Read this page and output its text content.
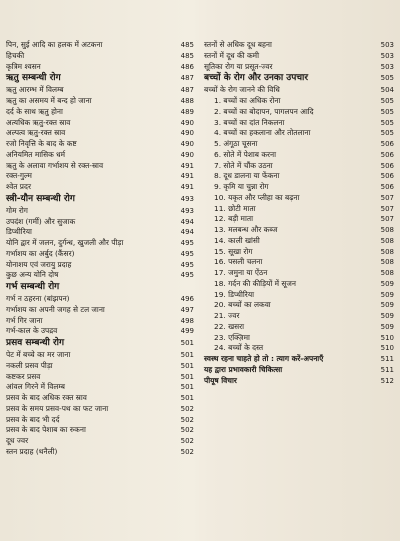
पिन, सुई आदि का हलक में अटकना	485
हिचकी	485
कृत्रिम श्वसन	486
ऋतु सम्बन्धी रोग	487
ऋतु आरम्भ में विलम्ब	487
ऋतु का असमय में बन्द हो जाना	488
दर्द के साथ ऋतु होना	489
अत्यधिक ऋतु-रक्त स्राव	490
अल्पत्व ऋतु-रक्त स्राव	490
रजो निवृत्ति के बाद के कष्ट	490
अनियमित मासिक धर्म	490
ऋतु के अलावा गर्भाशय से रक्त-स्राव	491
रक्त-गुल्म	491
श्वेत प्रदर	491
स्त्री-यौन सम्बन्धी रोग	493
गोम रोग	493
उपदंश (गर्मी) और सुजाक	494
डिप्थीरिया	494
योनि द्वार में जलन, दुर्गन्ध, खुजली और पीड़ा	495
गर्भाशय का अर्बुद (कैंसर)	495
योनाशय एवं जरायु प्रदाह	495
कुछ अन्य योनि दोष	495
गर्भ सम्बन्धी रोग
गर्भ न ठहरना (बांझपन)	496
गर्भाशय का अपनी जगह से टल जाना	497
गर्भ गिर जाना	498
गर्भ-काल के उपद्रव	499
प्रसव सम्बन्धी रोग	501
पेट में बच्चे का मर जाना	501
नकली प्रसव पीड़ा	501
कष्टकर प्रसव	501
आंवल गिरने में विलम्ब	501
प्रसव के बाद अधिक रक्त स्राव	501
प्रसव के समय प्रसव-पथ का फट जाना	502
प्रसव के बाद भी दर्द	502
प्रसव के बाद पेशाब का रुकना	502
दूध ज्वर	502
स्तन प्रदाह (थनैली)	502
स्तनों से अधिक दूध बहना	503
स्तनों में दूध की कमी	503
सूतिका रोग या प्रसूत-ज्वर	503
बच्चों के रोग और उनका उपचार	505
बच्चों के रोग जानने की विधि	504
1. बच्चों का अधिक रोना	505
2. बच्चों का बोदापन, पागलपन आदि	505
3. बच्चों का दांत निकलना	505
4. बच्चों का हकलाना और तोतलाना	505
5. अंगूठा चूसना	506
6. सोते में पेशाब करना	506
7. सोते में चौंक उठना	506
8. दूध डालना या फेंकना	506
9. कृमि या चुन्ना रोग	506
10. यकृत और प्लीहा का बढ़ना	507
11. छोटी माता	507
12. बड़ी माता	507
13. मलबन्ध और कब्ज	508
14. काली खांसी	508
15. सूखा रोग	508
16. पसली चलना	508
17. जमुना या ऐंठन	508
18. गर्दन की कीड़ियों में सूजन	509
19. डिप्थीरिया	509
20. बच्चों का लकवा	509
21. ज्वर	509
22. खसरा	509
23. एक्ज़िमा	510
24. बच्चों के दस्त	510
स्वस्थ रहना चाहते हो तो : त्याग करें-अपनाएँ	511
यह द्वारा प्रभावकारी चिकित्सा	511
पीयूष विचार	512
